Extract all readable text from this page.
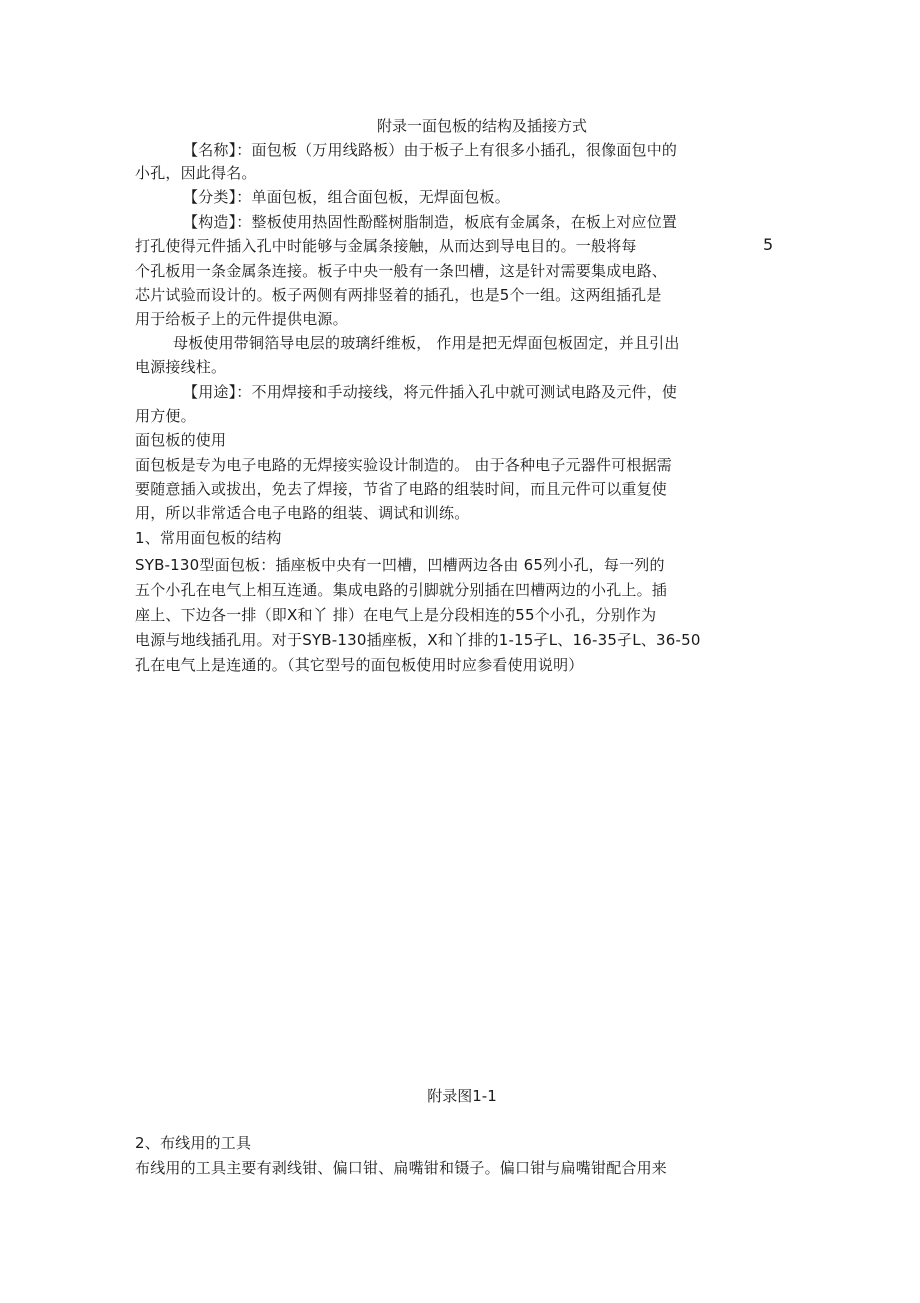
附录一面包板的结构及插接方式
【名称】：面包板（万用线路板）由于板子上有很多小插孔，很像面包中的
小孔，因此得名。
【分类】：单面包板，组合面包板，无焊面包板。
【构造】：整板使用热固性酚醛树脂制造，板底有金属条，在板上对应位置
打孔使得元件插入孔中时能够与金属条接触，从而达到导电目的。一般将每	5
个孔板用一条金属条连接。板子中央一般有一条凹槽，这是针对需要集成电路、
芯片试验而设计的。板子两侧有两排竖着的插孔，也是5个一组。这两组插孔是
用于给板子上的元件提供电源。
母板使用带铜箔导电层的玻璃纤维板， 作用是把无焊面包板固定，并且引出
电源接线柱。
【用途】：不用焊接和手动接线，将元件插入孔中就可测试电路及元件，使
用方便。
面包板的使用
面包板是专为电子电路的无焊接实验设计制造的。 由于各种电子元器件可根据需
要随意插入或拔出，免去了焊接，节省了电路的组装时间，而且元件可以重复使
用，所以非常适合电子电路的组装、调试和训练。
1、常用面包板的结构
SYB-130型面包板：插座板中央有一凹槽，凹槽两边各由 65列小孔，每一列的
五个小孔在电气上相互连通。集成电路的引脚就分别插在凹槽两边的小孔上。插
座上、下边各一排（即X和丫 排）在电气上是分段相连的55个小孔，分别作为
电源与地线插孔用。对于SYB-130插座板，X和丫排的1-15孑L、16-35孑L、36-50
孔在电气上是连通的。（其它型号的面包板使用时应参看使用说明）
附录图1-1
2、布线用的工具
布线用的工具主要有剥线钳、偏口钳、扁嘴钳和镊子。偏口钳与扁嘴钳配合用来
